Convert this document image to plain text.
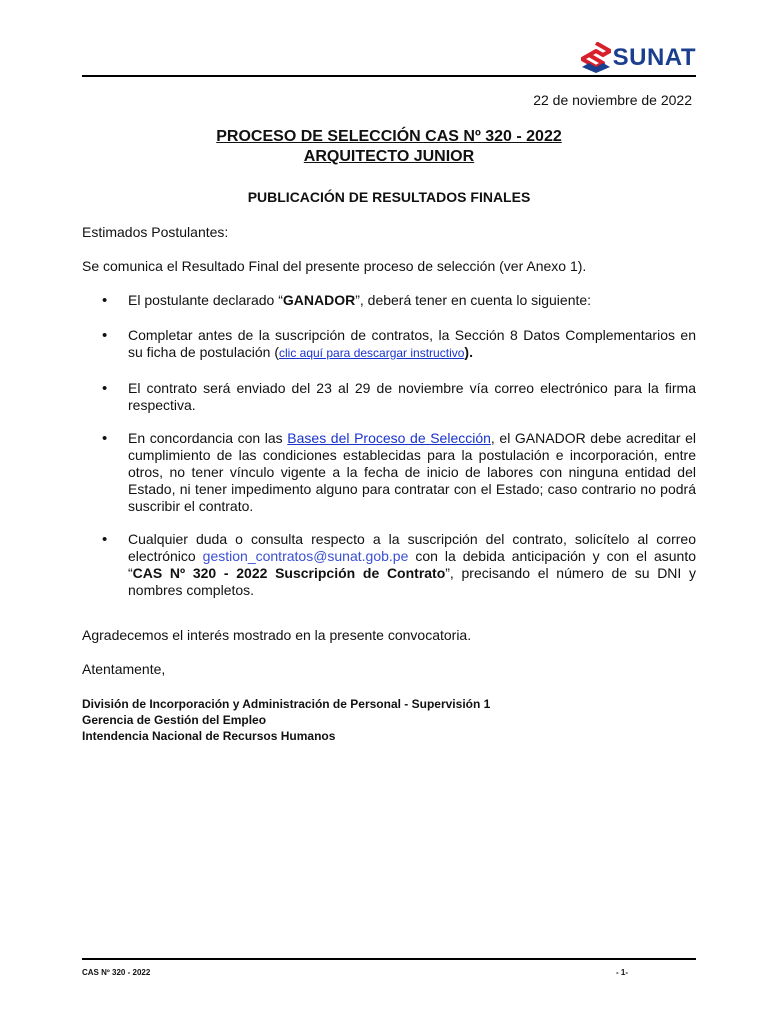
SUNAT
22 de noviembre de 2022
PROCESO DE SELECCIÓN CAS Nº 320 - 2022
ARQUITECTO JUNIOR
PUBLICACIÓN DE RESULTADOS FINALES
Estimados Postulantes:
Se comunica el Resultado Final del presente proceso de selección (ver Anexo 1).
• El postulante declarado “GANADOR”, deberá tener en cuenta lo siguiente:
• Completar antes de la suscripción de contratos, la Sección 8 Datos Complementarios en su ficha de postulación (clic aquí para descargar instructivo).
• El contrato será enviado del 23 al 29 de noviembre vía correo electrónico para la firma respectiva.
• En concordancia con las Bases del Proceso de Selección, el GANADOR debe acreditar el cumplimiento de las condiciones establecidas para la postulación e incorporación, entre otros, no tener vínculo vigente a la fecha de inicio de labores con ninguna entidad del Estado, ni tener impedimento alguno para contratar con el Estado; caso contrario no podrá suscribir el contrato.
• Cualquier duda o consulta respecto a la suscripción del contrato, solicítelo al correo electrónico gestion_contratos@sunat.gob.pe con la debida anticipación y con el asunto “CAS Nº 320 - 2022 Suscripción de Contrato”, precisando el número de su DNI y nombres completos.
Agradecemos el interés mostrado en la presente convocatoria.
Atentamente,
División de Incorporación y Administración de Personal - Supervisión 1
Gerencia de Gestión del Empleo
Intendencia Nacional de Recursos Humanos
CAS Nº 320 - 2022	- 1-
